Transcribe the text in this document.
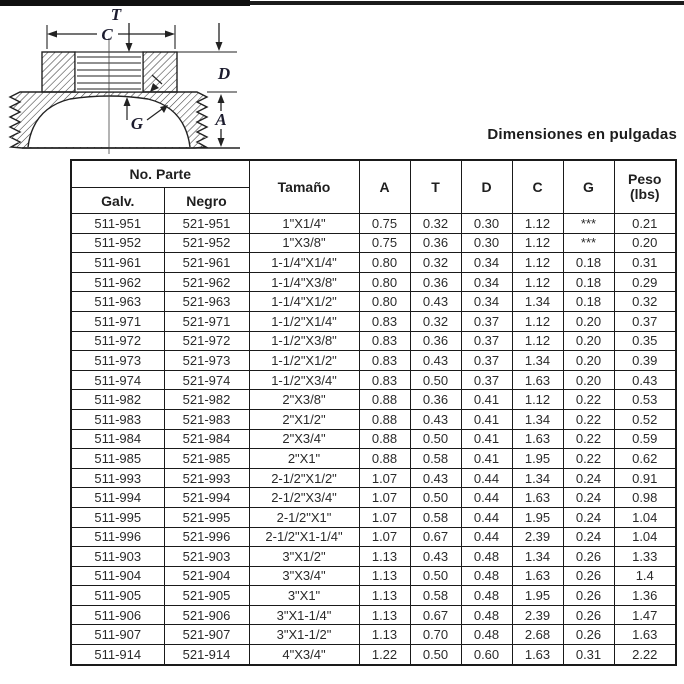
C
T
D
A
G
Dimensiones en pulgadas
No. Parte		Tamaño	A	T	D	C	G	Peso
(lbs)

Galv.	Negro							
511-951	521-951	1"X1/4"	0.75	0.32	0.30	1.12	***	0.21
511-952	521-952	1"X3/8"	0.75	0.36	0.30	1.12	***	0.20
511-961	521-961	1-1/4"X1/4"	0.80	0.32	0.34	1.12	0.18	0.31
511-962	521-962	1-1/4"X3/8"	0.80	0.36	0.34	1.12	0.18	0.29
511-963	521-963	1-1/4"X1/2"	0.80	0.43	0.34	1.34	0.18	0.32
511-971	521-971	1-1/2"X1/4"	0.83	0.32	0.37	1.12	0.20	0.37
511-972	521-972	1-1/2"X3/8"	0.83	0.36	0.37	1.12	0.20	0.35
511-973	521-973	1-1/2"X1/2"	0.83	0.43	0.37	1.34	0.20	0.39
511-974	521-974	1-1/2"X3/4"	0.83	0.50	0.37	1.63	0.20	0.43
511-982	521-982	2"X3/8"	0.88	0.36	0.41	1.12	0.22	0.53
511-983	521-983	2"X1/2"	0.88	0.43	0.41	1.34	0.22	0.52
511-984	521-984	2"X3/4"	0.88	0.50	0.41	1.63	0.22	0.59
511-985	521-985	2"X1"	0.88	0.58	0.41	1.95	0.22	0.62
511-993	521-993	2-1/2"X1/2"	1.07	0.43	0.44	1.34	0.24	0.91
511-994	521-994	2-1/2"X3/4"	1.07	0.50	0.44	1.63	0.24	0.98
511-995	521-995	2-1/2"X1"	1.07	0.58	0.44	1.95	0.24	1.04
511-996	521-996	2-1/2"X1-1/4"	1.07	0.67	0.44	2.39	0.24	1.04
511-903	521-903	3"X1/2"	1.13	0.43	0.48	1.34	0.26	1.33
511-904	521-904	3"X3/4"	1.13	0.50	0.48	1.63	0.26	1.4
511-905	521-905	3"X1"	1.13	0.58	0.48	1.95	0.26	1.36
511-906	521-906	3"X1-1/4"	1.13	0.67	0.48	2.39	0.26	1.47
511-907	521-907	3"X1-1/2"	1.13	0.70	0.48	2.68	0.26	1.63
511-914	521-914	4"X3/4"	1.22	0.50	0.60	1.63	0.31	2.22
